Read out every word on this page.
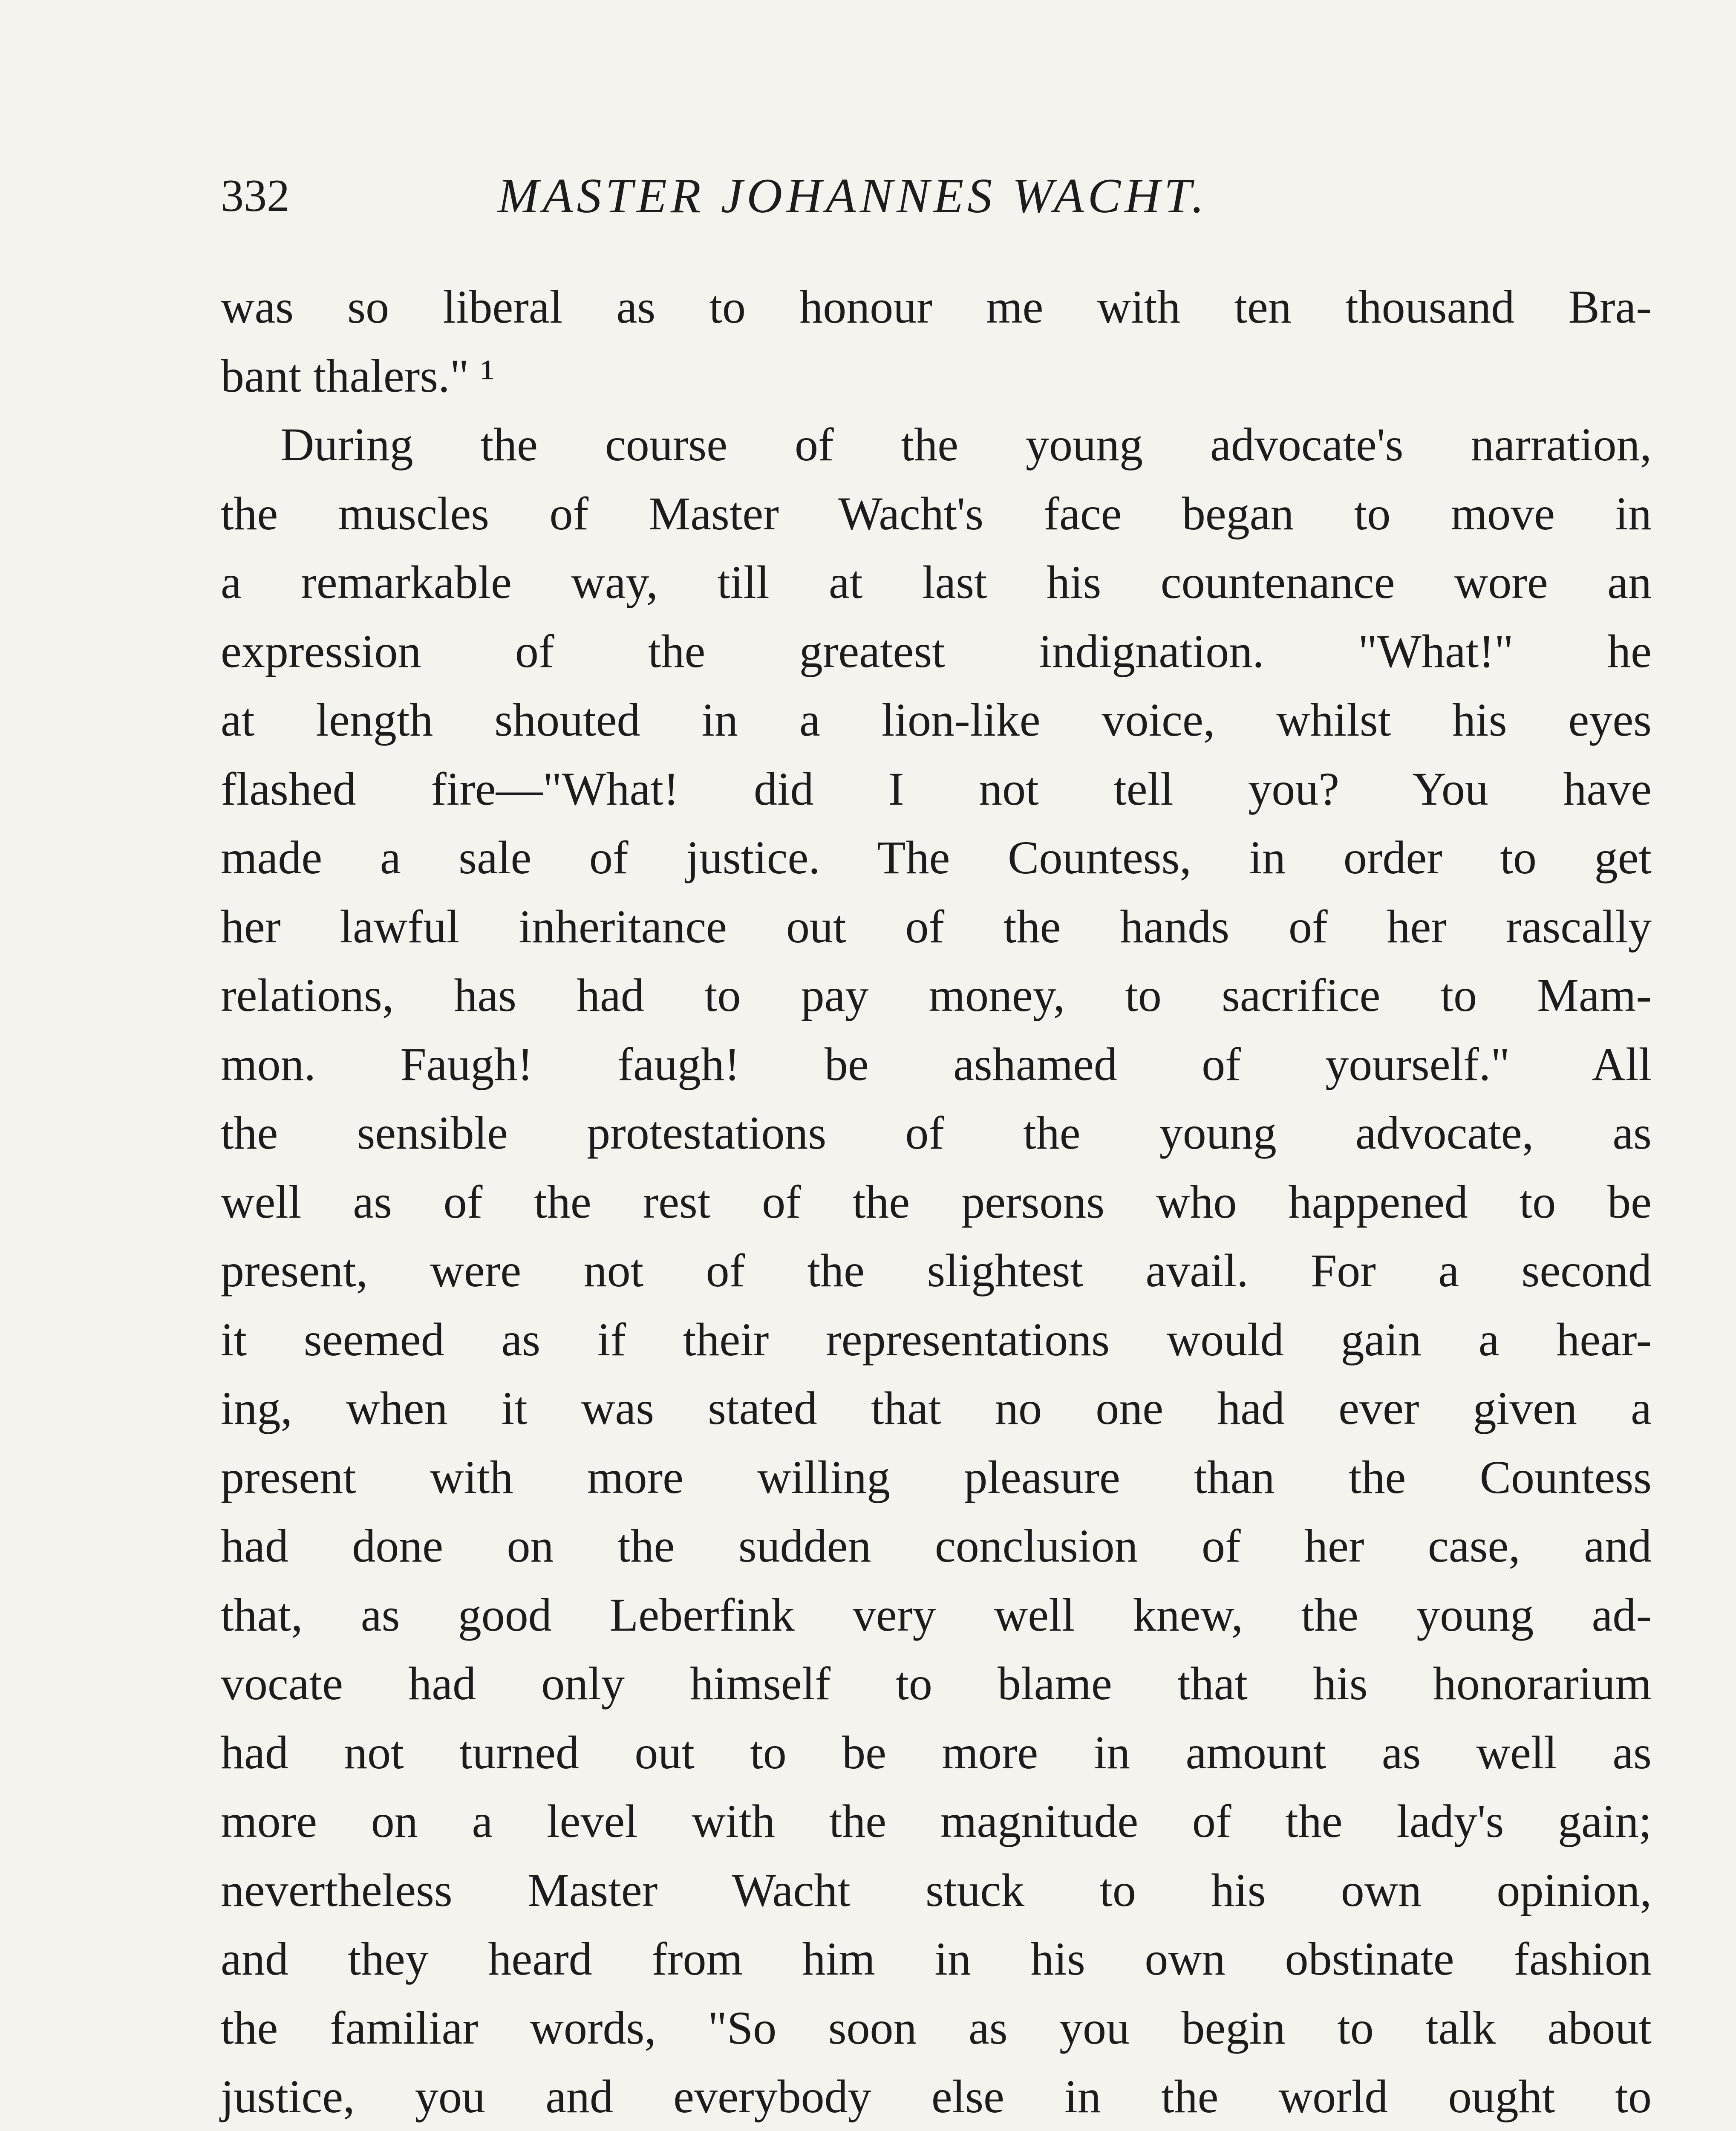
332	MASTER JOHANNES WACHT.
was so liberal as to honour me with ten thousand Bra-
bant thalers." ¹
During the course of the young advocate's narration,
the muscles of Master Wacht's face began to move in
a remarkable way, till at last his countenance wore an
expression of the greatest indignation. "What!" he
at length shouted in a lion-like voice, whilst his eyes
flashed fire—"What! did I not tell you? You have
made a sale of justice. The Countess, in order to get
her lawful inheritance out of the hands of her rascally
relations, has had to pay money, to sacrifice to Mam-
mon. Faugh! faugh! be ashamed of yourself." All
the sensible protestations of the young advocate, as
well as of the rest of the persons who happened to be
present, were not of the slightest avail. For a second
it seemed as if their representations would gain a hear-
ing, when it was stated that no one had ever given a
present with more willing pleasure than the Countess
had done on the sudden conclusion of her case, and
that, as good Leberfink very well knew, the young ad-
vocate had only himself to blame that his honorarium
had not turned out to be more in amount as well as
more on a level with the magnitude of the lady's gain;
nevertheless Master Wacht stuck to his own opinion,
and they heard from him in his own obstinate fashion
the familiar words, "So soon as you begin to talk about
justice, you and everybody else in the world ought to
